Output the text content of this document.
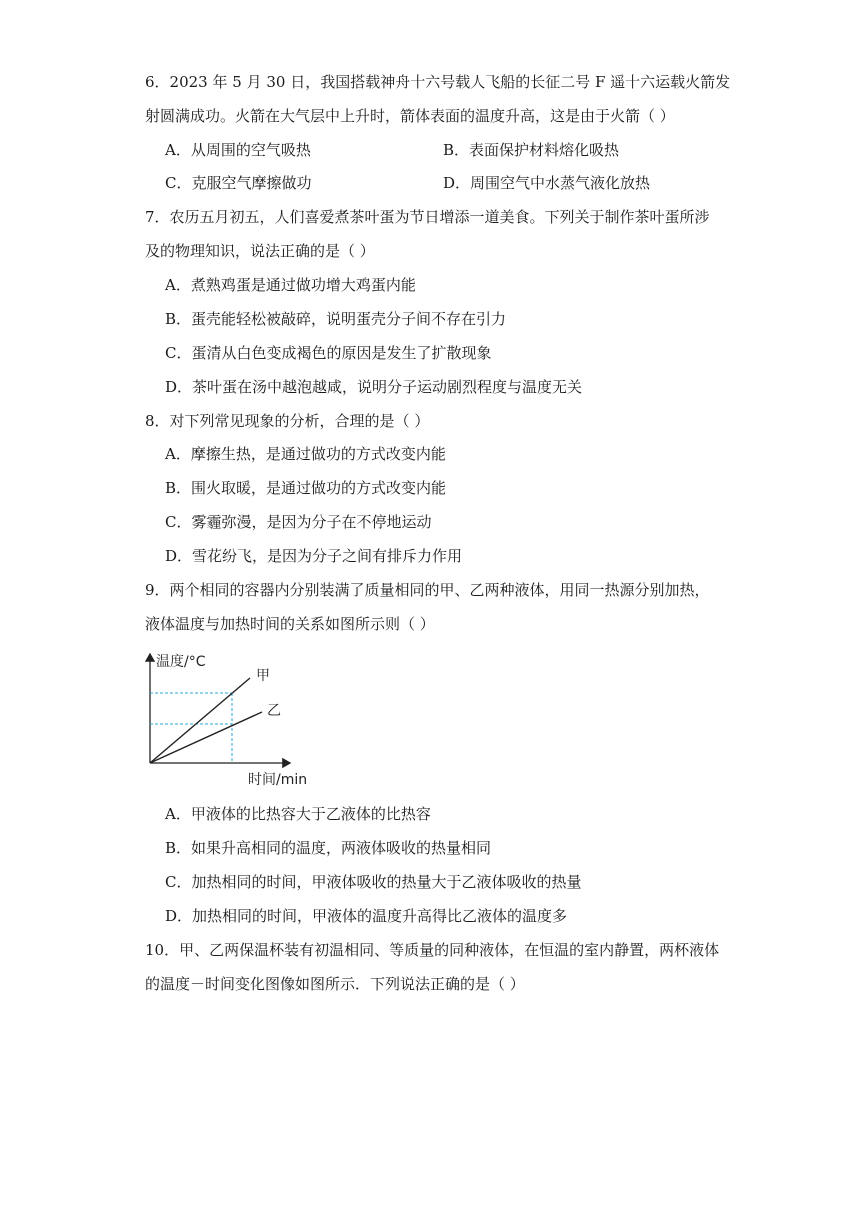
6．2023 年 5 月 30 日，我国搭载神舟十六号载人飞船的长征二号 F 遥十六运载火箭发
射圆满成功。火箭在大气层中上升时，箭体表面的温度升高，这是由于火箭（ ）
A．从周围的空气吸热	B．表面保护材料熔化吸热
C．克服空气摩擦做功	D．周围空气中水蒸气液化放热
7．农历五月初五，人们喜爱煮茶叶蛋为节日增添一道美食。下列关于制作茶叶蛋所涉
及的物理知识，说法正确的是（ ）
A．煮熟鸡蛋是通过做功增大鸡蛋内能
B．蛋壳能轻松被敲碎，说明蛋壳分子间不存在引力
C．蛋清从白色变成褐色的原因是发生了扩散现象
D．茶叶蛋在汤中越泡越咸，说明分子运动剧烈程度与温度无关
8．对下列常见现象的分析，合理的是（ ）
A．摩擦生热，是通过做功的方式改变内能
B．围火取暖，是通过做功的方式改变内能
C．雾霾弥漫，是因为分子在不停地运动
D．雪花纷飞，是因为分子之间有排斥力作用
9．两个相同的容器内分别装满了质量相同的甲、乙两种液体，用同一热源分别加热，
液体温度与加热时间的关系如图所示则（ ）
温度/°C
时间/min
甲
乙
A．甲液体的比热容大于乙液体的比热容
B．如果升高相同的温度，两液体吸收的热量相同
C．加热相同的时间，甲液体吸收的热量大于乙液体吸收的热量
D．加热相同的时间，甲液体的温度升高得比乙液体的温度多
10．甲、乙两保温杯装有初温相同、等质量的同种液体，在恒温的室内静置，两杯液体
的温度－时间变化图像如图所示．下列说法正确的是（ ）
